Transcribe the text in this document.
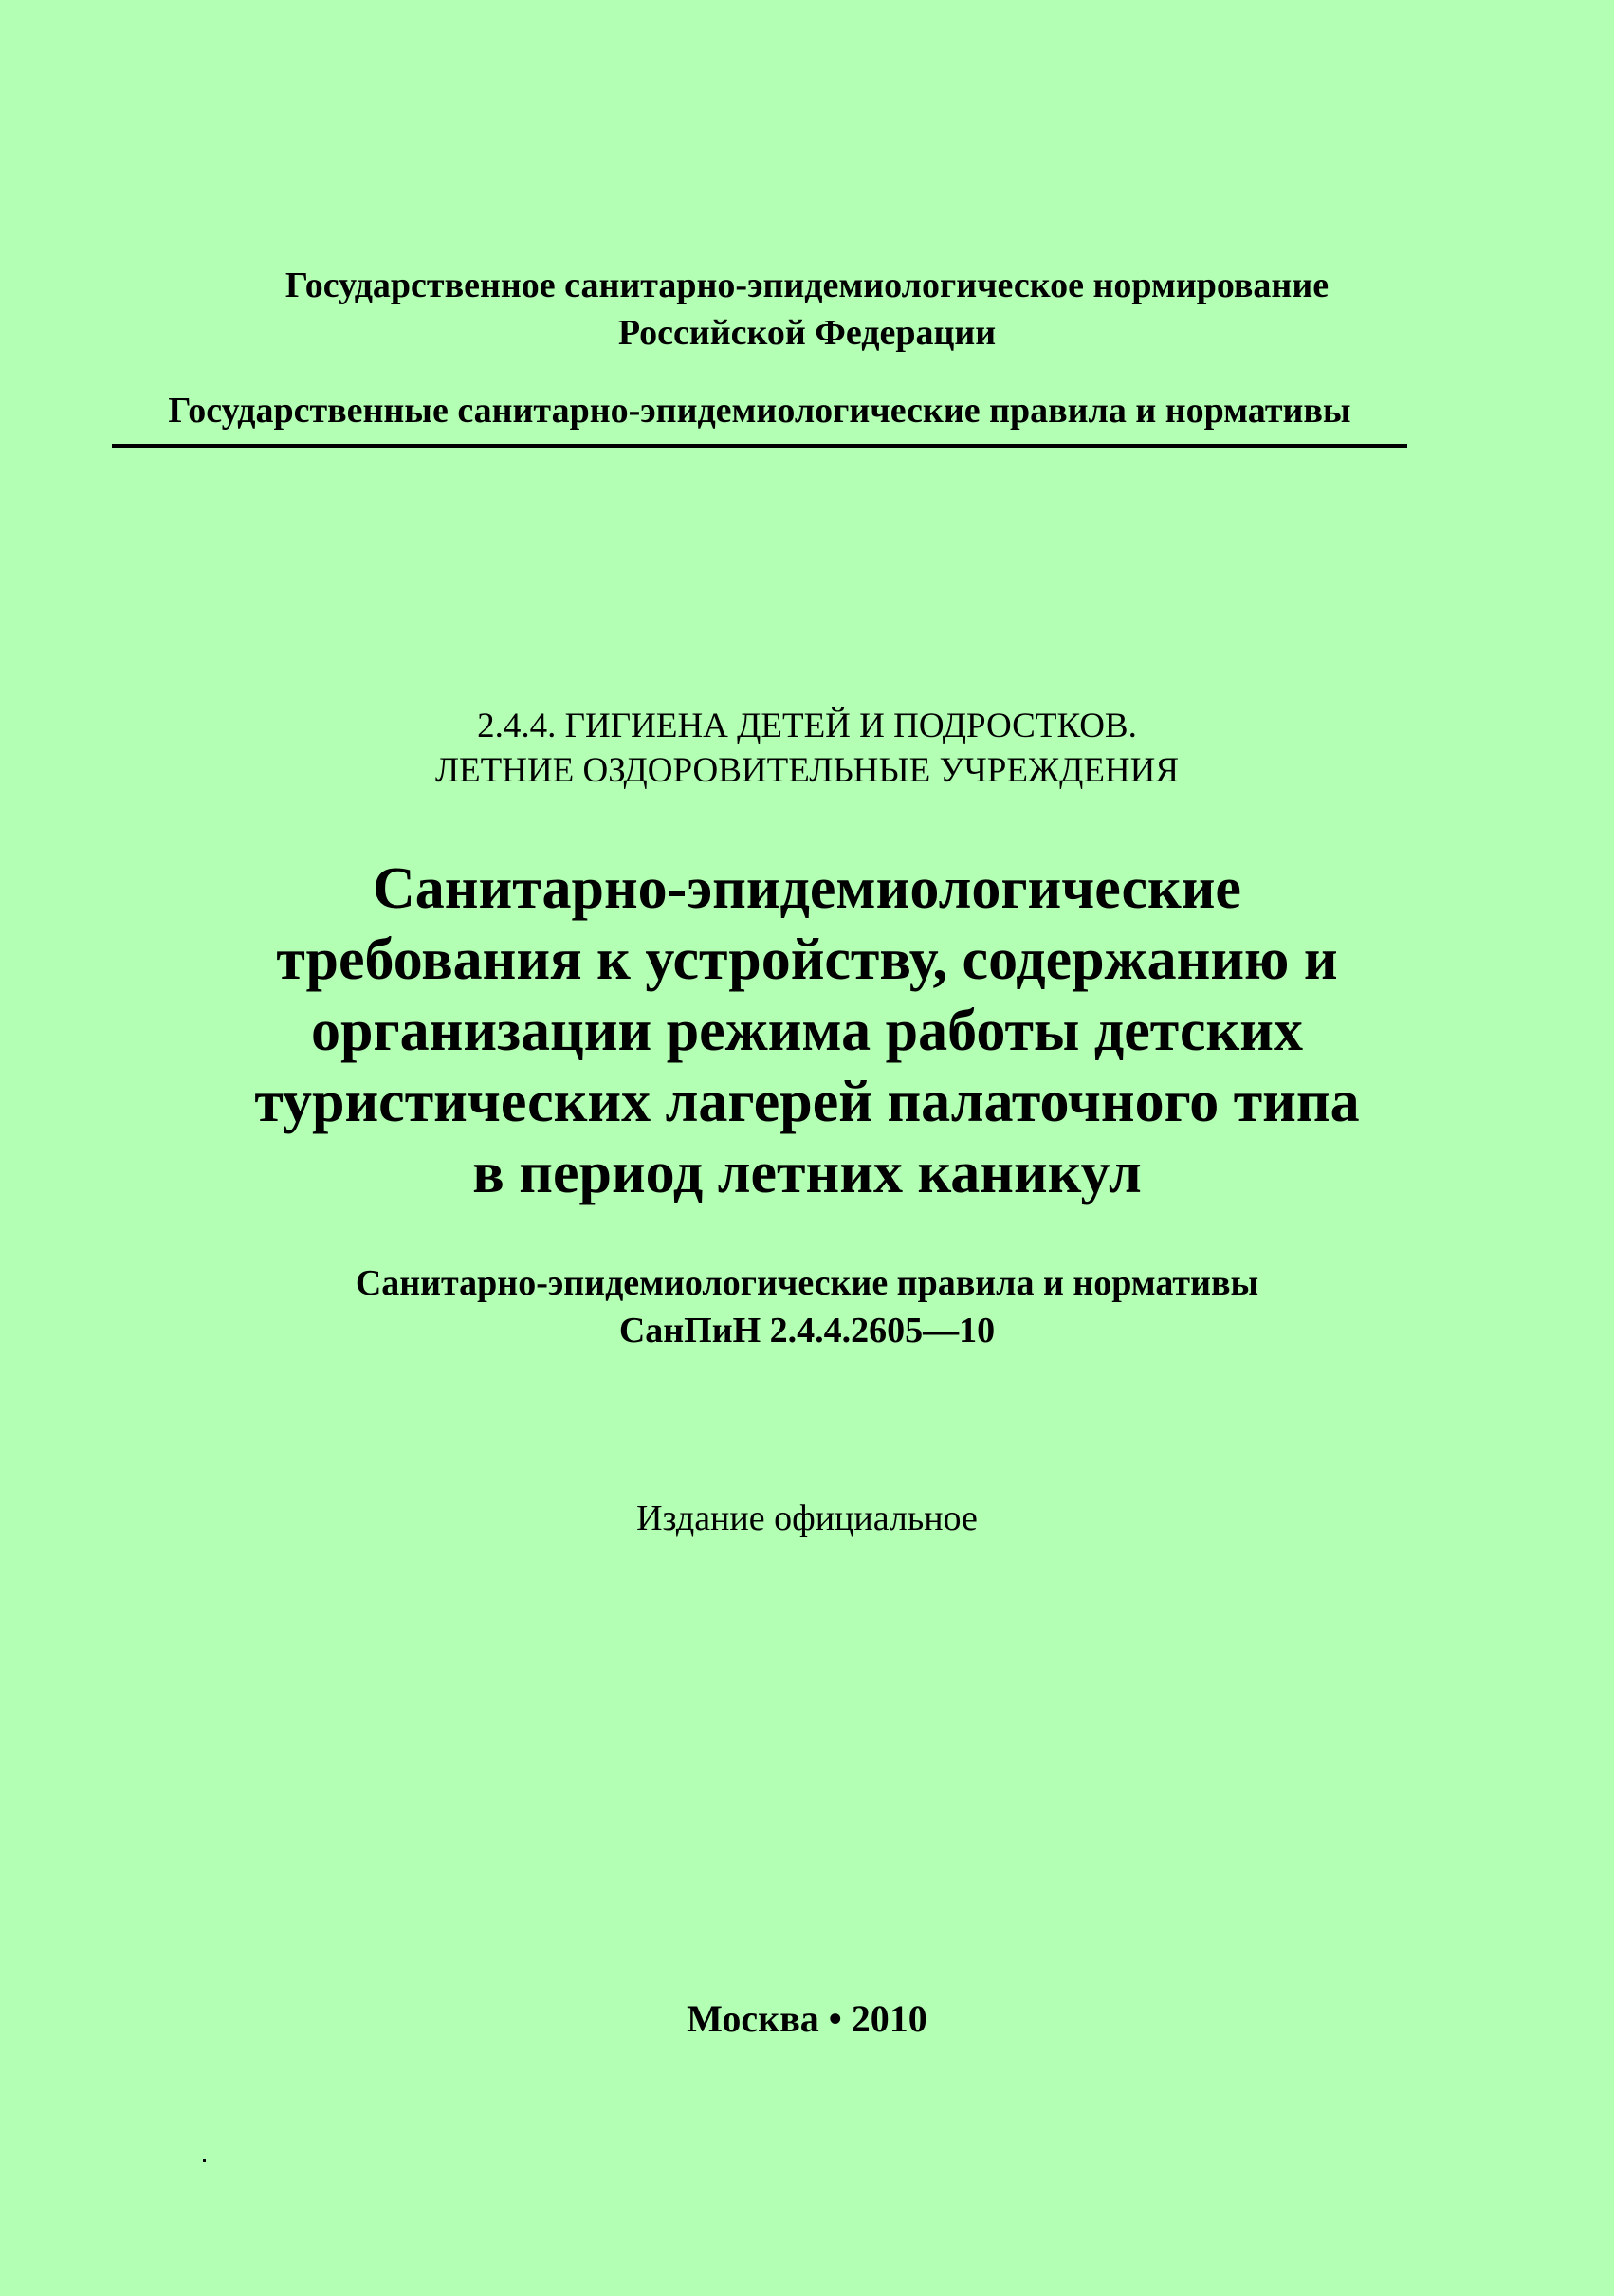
Государственное санитарно-эпидемиологическое нормирование
Российской Федерации
Государственные санитарно-эпидемиологические правила и нормативы
2.4.4. ГИГИЕНА ДЕТЕЙ И ПОДРОСТКОВ.
ЛЕТНИЕ ОЗДОРОВИТЕЛЬНЫЕ УЧРЕЖДЕНИЯ
Санитарно-эпидемиологические
требования к устройству, содержанию и
организации режима работы детских
туристических лагерей палаточного типа
в период летних каникул
Санитарно-эпидемиологические правила и нормативы
СанПиН 2.4.4.2605—10
Издание официальное
Москва • 2010
